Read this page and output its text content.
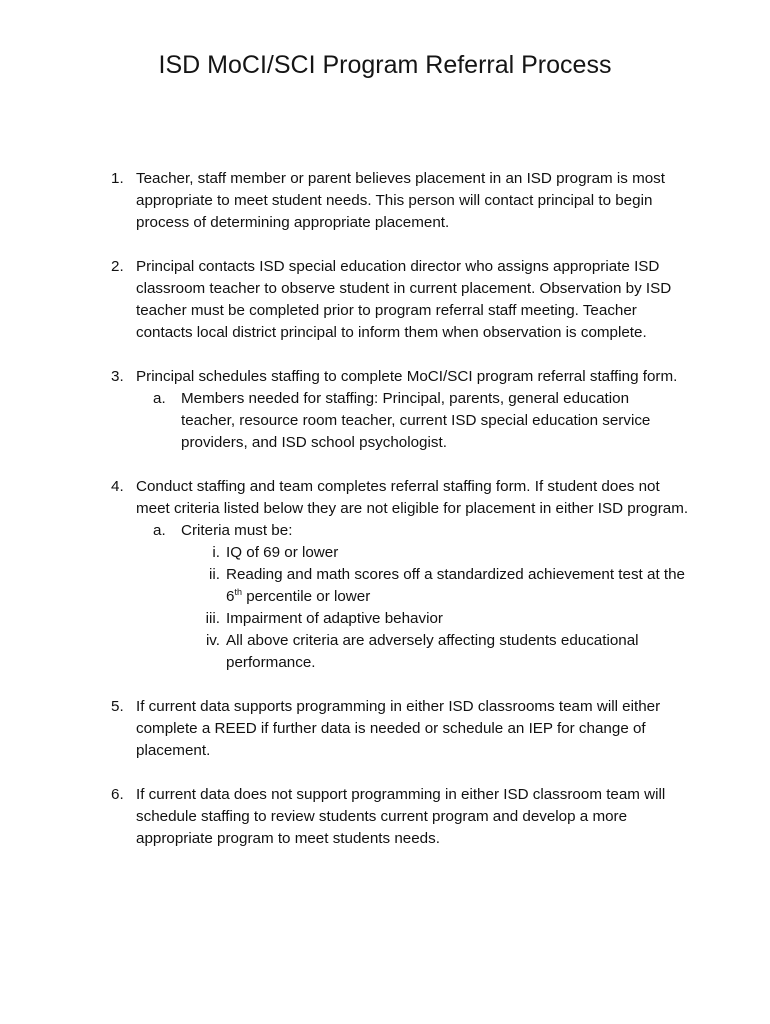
ISD MoCI/SCI Program Referral Process
1. Teacher, staff member or parent believes placement in an ISD program is most appropriate to meet student needs. This person will contact principal to begin process of determining appropriate placement.
2. Principal contacts ISD special education director who assigns appropriate ISD classroom teacher to observe student in current placement. Observation by ISD teacher must be completed prior to program referral staff meeting. Teacher contacts local district principal to inform them when observation is complete.
3. Principal schedules staffing to complete MoCI/SCI program referral staffing form.
a. Members needed for staffing: Principal, parents, general education teacher, resource room teacher, current ISD special education service providers, and ISD school psychologist.
4. Conduct staffing and team completes referral staffing form. If student does not meet criteria listed below they are not eligible for placement in either ISD program.
a. Criteria must be:
i. IQ of 69 or lower
ii. Reading and math scores off a standardized achievement test at the 6th percentile or lower
iii. Impairment of adaptive behavior
iv. All above criteria are adversely affecting students educational performance.
5. If current data supports programming in either ISD classrooms team will either complete a REED if further data is needed or schedule an IEP for change of placement.
6. If current data does not support programming in either ISD classroom team will schedule staffing to review students current program and develop a more appropriate program to meet students needs.
